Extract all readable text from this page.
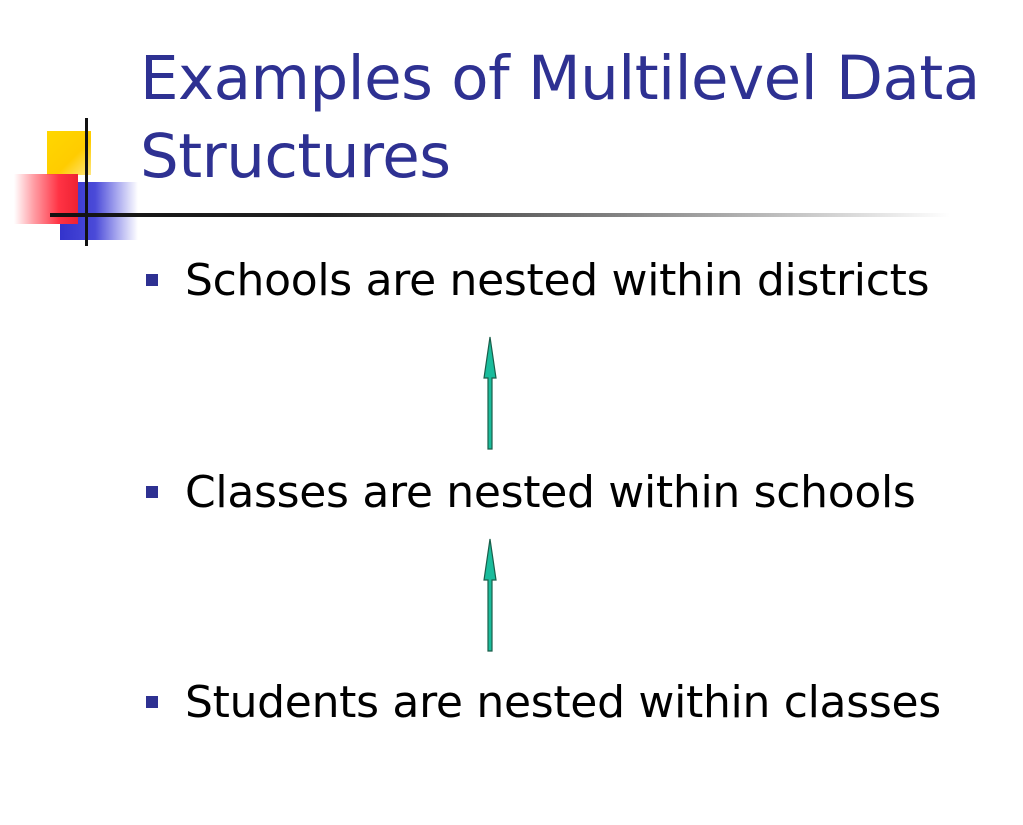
Examples of Multilevel Data Structures
Schools are nested within districts
Classes are nested within schools
Students are nested within classes
